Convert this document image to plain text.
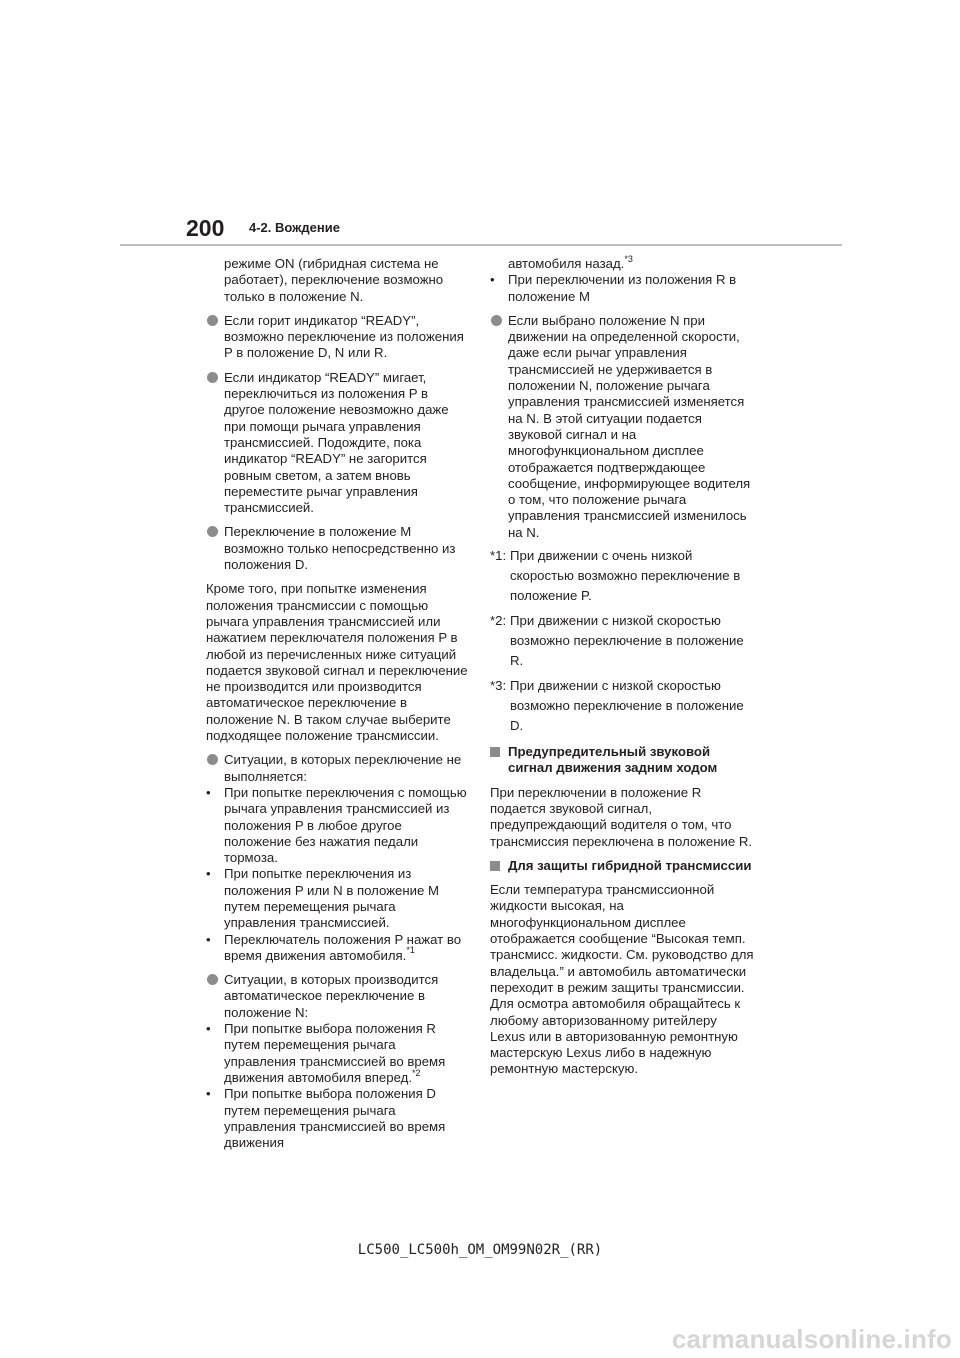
200 4-2. Вождение

режиме ON (гибридная система не работает), переключение возможно только в положение N.

Если горит индикатор “READY”, возможно переключение из положения P в положение D, N или R.

Если индикатор “READY” мигает, переключиться из положения P в другое положение невозможно даже при помощи рычага управления трансмиссией. Подождите, пока индикатор “READY” не загорится ровным светом, а затем вновь переместите рычаг управления трансмиссией.

Переключение в положение M возможно только непосредственно из положения D.

Кроме того, при попытке изменения положения трансмиссии с помощью рычага управления трансмиссией или нажатием переключателя положения P в любой из перечисленных ниже ситуаций подается звуковой сигнал и переключение не производится или производится автоматическое переключение в положение N. В таком случае выберите подходящее положение трансмиссии.

Ситуации, в которых переключение не выполняется:

•	При попытке переключения с помощью рычага управления трансмиссией из положения P в любое другое положение без нажатия педали тормоза.

•	При попытке переключения из положения P или N в положение M путем перемещения рычага управления трансмиссией.

•	Переключатель положения P нажат во время движения автомобиля.$^{*1}$

Ситуации, в которых производится автоматическое переключение в положение N:

•	При попытке выбора положения R путем перемещения рычага управления трансмиссией во время движения автомобиля вперед.$^{*2}$

•	При попытке выбора положения D путем перемещения рычага управления трансмиссией во время движения

автомобиля назад.$^{*3}$

•	При переключении из положения R в положение M

Если выбрано положение N при движении на определенной скорости, даже если рычаг управления трансмиссией не удерживается в положении N, положение рычага управления трансмиссией изменяется на N. В этой ситуации подается звуковой сигнал и на многофункциональном дисплее отображается подтверждающее сообщение, информирующее водителя о том, что положение рычага управления трансмиссией изменилось на N.

*1: При движении с очень низкой скоростью возможно переключение в положение P.
*2: При движении с низкой скоростью возможно переключение в положение R.
*3: При движении с низкой скоростью возможно переключение в положение D.

Предупредительный звуковой сигнал движения задним ходом

При переключении в положение R подается звуковой сигнал, предупреждающий водителя о том, что трансмиссия переключена в положение R.

Для защиты гибридной трансмиссии

Если температура трансмиссионной жидкости высокая, на многофункциональном дисплее отображается сообщение “Высокая темп. трансмисс. жидкости. См. руководство для владельца.” и автомобиль автоматически переходит в режим защиты трансмиссии. Для осмотра автомобиля обращайтесь к любому авторизованному ритейлеру Lexus или в авторизованную ремонтную мастерскую Lexus либо в надежную ремонтную мастерскую.

LC500_LC500h_OM_OM99N02R_(RR)
carmanualsonline.info
